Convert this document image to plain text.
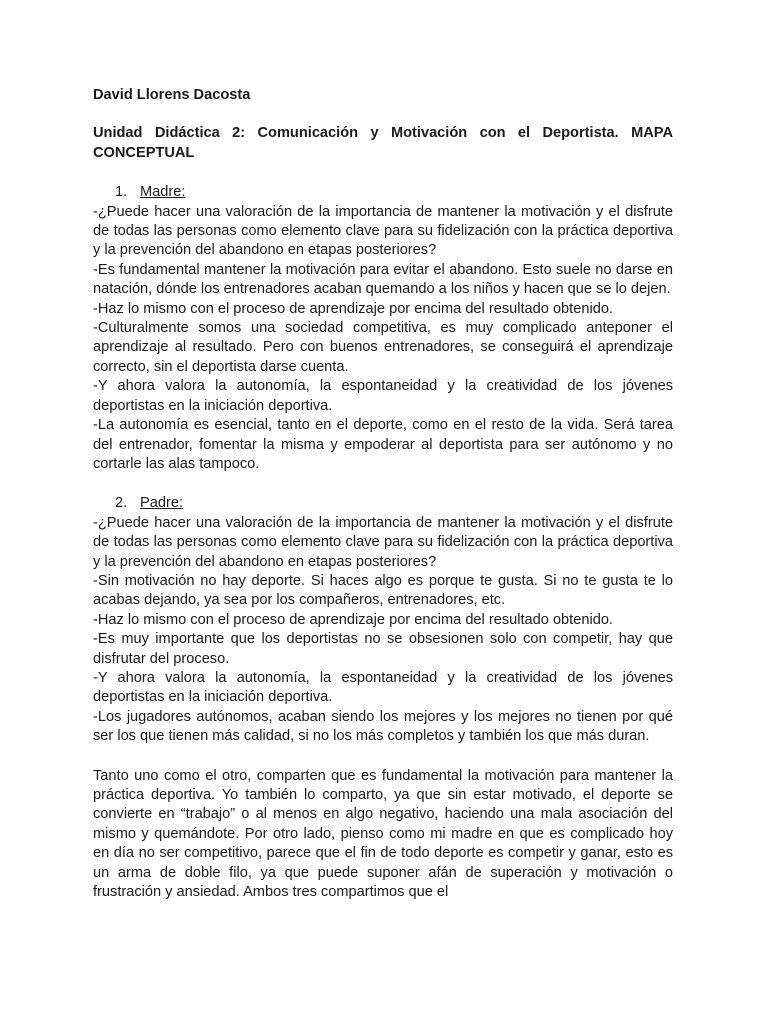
David Llorens Dacosta

Unidad Didáctica 2: Comunicación y Motivación con el Deportista. MAPA CONCEPTUAL

1. Madre:

-¿Puede hacer una valoración de la importancia de mantener la motivación y el disfrute de todas las personas como elemento clave para su fidelización con la práctica deportiva y la prevención del abandono en etapas posteriores?

-Es fundamental mantener la motivación para evitar el abandono. Esto suele no darse en natación, dónde los entrenadores acaban quemando a los niños y hacen que se lo dejen.

-Haz lo mismo con el proceso de aprendizaje por encima del resultado obtenido.

-Culturalmente somos una sociedad competitiva, es muy complicado anteponer el aprendizaje al resultado. Pero con buenos entrenadores, se conseguirá el aprendizaje correcto, sin el deportista darse cuenta.

-Y ahora valora la autonomía, la espontaneidad y la creatividad de los jóvenes deportistas en la iniciación deportiva.

-La autonomía es esencial, tanto en el deporte, como en el resto de la vida. Será tarea del entrenador, fomentar la misma y empoderar al deportista para ser autónomo y no cortarle las alas tampoco.

2. Padre:

-¿Puede hacer una valoración de la importancia de mantener la motivación y el disfrute de todas las personas como elemento clave para su fidelización con la práctica deportiva y la prevención del abandono en etapas posteriores?

-Sin motivación no hay deporte. Si haces algo es porque te gusta. Si no te gusta te lo acabas dejando, ya sea por los compañeros, entrenadores, etc.

-Haz lo mismo con el proceso de aprendizaje por encima del resultado obtenido.

-Es muy importante que los deportistas no se obsesionen solo con competir, hay que disfrutar del proceso.

-Y ahora valora la autonomía, la espontaneidad y la creatividad de los jóvenes deportistas en la iniciación deportiva.

-Los jugadores autónomos, acaban siendo los mejores y los mejores no tienen por qué ser los que tienen más calidad, si no los más completos y también los que más duran.

Tanto uno como el otro, comparten que es fundamental la motivación para mantener la práctica deportiva. Yo también lo comparto, ya que sin estar motivado, el deporte se convierte en “trabajo” o al menos en algo negativo, haciendo una mala asociación del mismo y quemándote. Por otro lado, pienso como mi madre en que es complicado hoy en día no ser competitivo, parece que el fin de todo deporte es competir y ganar, esto es un arma de doble filo, ya que puede suponer afán de superación y motivación o frustración y ansiedad. Ambos tres compartimos que el
